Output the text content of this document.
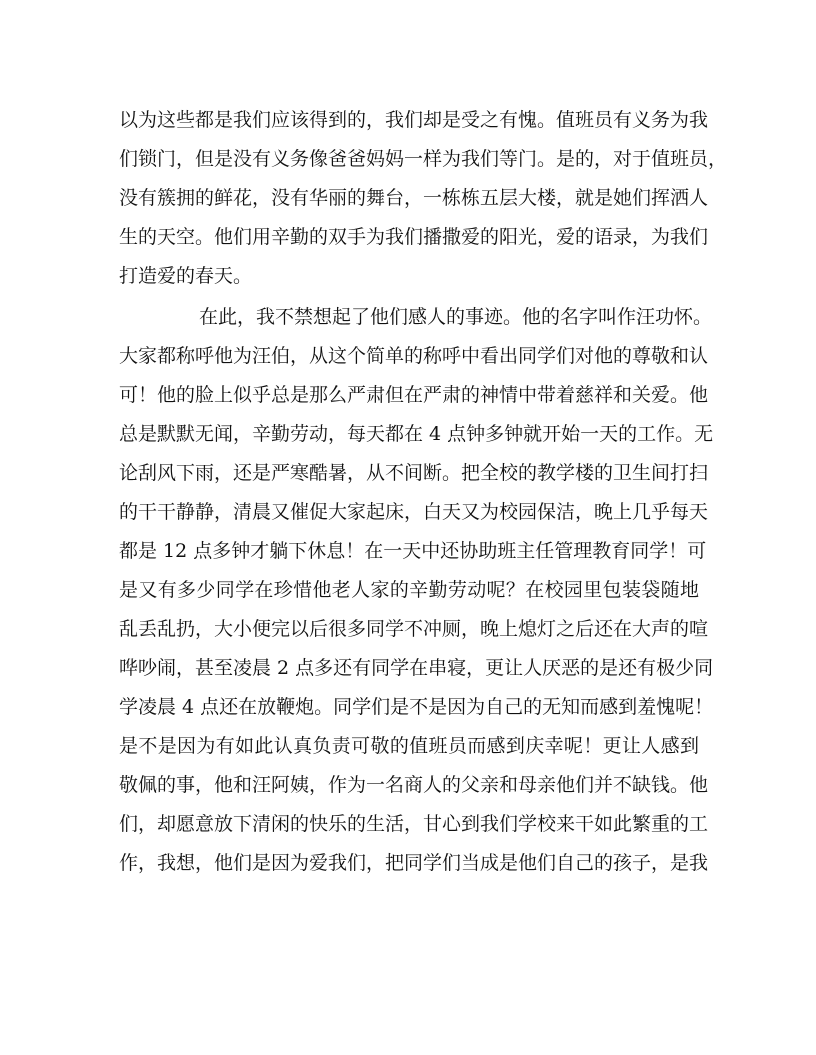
以为这些都是我们应该得到的，我们却是受之有愧。值班员有义务为我
们锁门，但是没有义务像爸爸妈妈一样为我们等门。是的，对于值班员，
没有簇拥的鲜花，没有华丽的舞台，一栋栋五层大楼，就是她们挥洒人
生的天空。他们用辛勤的双手为我们播撒爱的阳光，爱的语录，为我们
打造爱的春天。
在此，我不禁想起了他们感人的事迹。他的名字叫作汪功怀。
大家都称呼他为汪伯，从这个简单的称呼中看出同学们对他的尊敬和认
可！他的脸上似乎总是那么严肃但在严肃的神情中带着慈祥和关爱。他
总是默默无闻，辛勤劳动，每天都在 4 点钟多钟就开始一天的工作。无
论刮风下雨，还是严寒酷暑，从不间断。把全校的教学楼的卫生间打扫
的干干静静，清晨又催促大家起床，白天又为校园保洁，晚上几乎每天
都是 12 点多钟才躺下休息！在一天中还协助班主任管理教育同学！可
是又有多少同学在珍惜他老人家的辛勤劳动呢？在校园里包装袋随地
乱丢乱扔，大小便完以后很多同学不冲厕，晚上熄灯之后还在大声的喧
哗吵闹，甚至凌晨 2 点多还有同学在串寝，更让人厌恶的是还有极少同
学凌晨 4 点还在放鞭炮。同学们是不是因为自己的无知而感到羞愧呢！
是不是因为有如此认真负责可敬的值班员而感到庆幸呢！更让人感到
敬佩的事，他和汪阿姨，作为一名商人的父亲和母亲他们并不缺钱。他
们，却愿意放下清闲的快乐的生活，甘心到我们学校来干如此繁重的工
作，我想，他们是因为爱我们，把同学们当成是他们自己的孩子，是我
